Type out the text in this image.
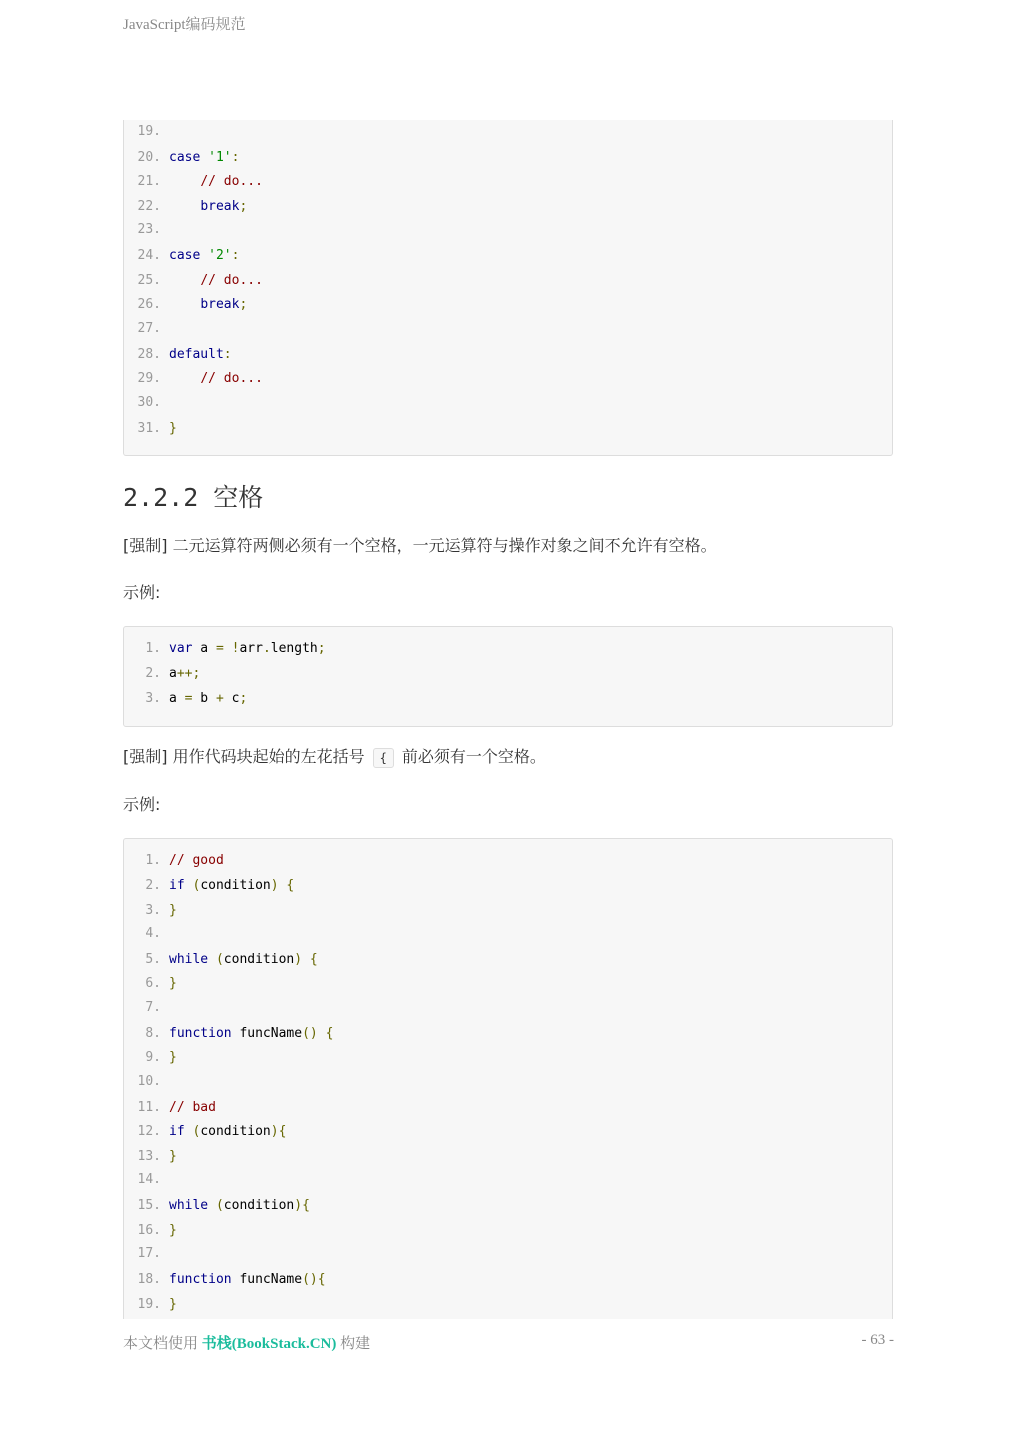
JavaScript编码规范
19.
20. case '1':
21.	// do...
22.	break;
23.
24. case '2':
25.	// do...
26.	break;
27.
28. default:
29.	// do...
30.
31. }
2.2.2 空格
[强制] 二元运算符两侧必须有一个空格，一元运算符与操作对象之间不允许有空格。
示例:
1. var a = !arr.length;
2. a++;
3. a = b + c;
[强制] 用作代码块起始的左花括号 { 前必须有一个空格。
示例:
1. // good
2. if (condition) {
3. }
4.
5. while (condition) {
6. }
7.
8. function funcName() {
9. }
10.
11. // bad
12. if (condition){
13. }
14.
15. while (condition){
16. }
17.
18. function funcName(){
19. }
本文档使用 书栈(BookStack.CN) 构建	- 63 -
